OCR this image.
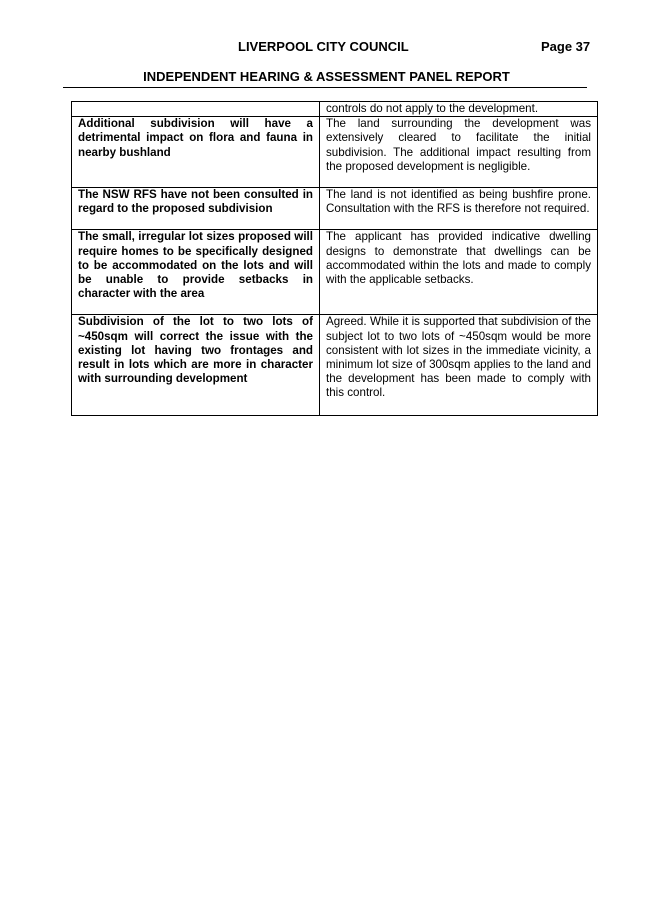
LIVERPOOL CITY COUNCIL	Page 37
INDEPENDENT HEARING & ASSESSMENT PANEL REPORT
	controls do not apply to the development.
Additional subdivision will have a detrimental impact on flora and fauna in nearby bushland	The land surrounding the development was extensively cleared to facilitate the initial subdivision. The additional impact resulting from the proposed development is negligible.
The NSW RFS have not been consulted in regard to the proposed subdivision	The land is not identified as being bushfire prone. Consultation with the RFS is therefore not required.
The small, irregular lot sizes proposed will require homes to be specifically designed to be accommodated on the lots and will be unable to provide setbacks in character with the area	The applicant has provided indicative dwelling designs to demonstrate that dwellings can be accommodated within the lots and made to comply with the applicable setbacks.
Subdivision of the lot to two lots of ~450sqm will correct the issue with the existing lot having two frontages and result in lots which are more in character with surrounding development	Agreed. While it is supported that subdivision of the subject lot to two lots of ~450sqm would be more consistent with lot sizes in the immediate vicinity, a minimum lot size of 300sqm applies to the land and the development has been made to comply with this control.
